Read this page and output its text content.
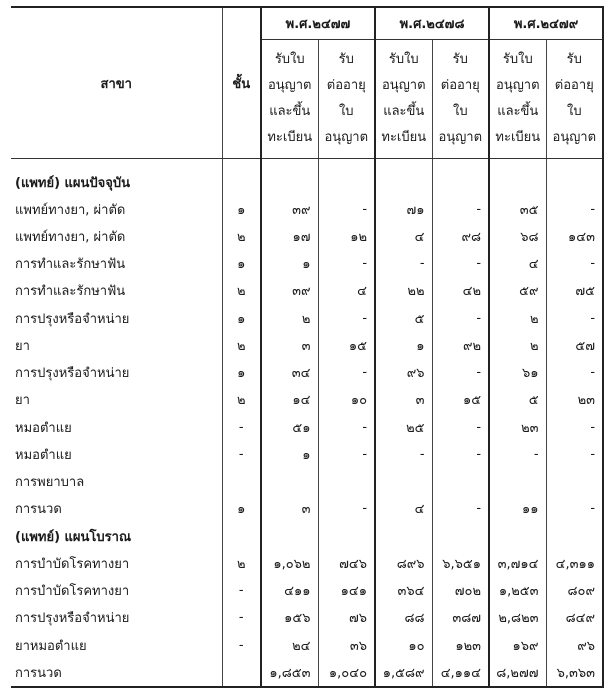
สาขา	ชั้น	พ.ศ.๒๔๗๗		พ.ศ.๒๔๗๘		พ.ศ.๒๔๗๙	
		รับใบ
อนุญาต
และขึ้น
ทะเบียน	รับ
ต่ออายุ
ใบ
อนุญาต	รับใบ
อนุญาต
และขึ้น
ทะเบียน	รับ
ต่ออายุ
ใบ
อนุญาต	รับใบ
อนุญาต
และขึ้น
ทะเบียน	รับ
ต่ออายุ
ใบ
อนุญาต

(แพทย์) แผนปัจจุบัน							
แพทย์ทางยา, ผ่าตัด	๑	๓๙	-	๗๑	-	๓๕	-
แพทย์ทางยา, ผ่าตัด	๒	๑๗	๑๒	๔	๙๘	๖๘	๑๔๓
การทำและรักษาฟัน	๑	๑	-	-	-	๔	-
การทำและรักษาฟัน	๒	๓๙	๔	๒๒	๔๒	๕๙	๗๕
การปรุงหรือจำหน่าย	๑	๒	-	๕	-	๒	-
ยา	๒	๓	๑๕	๑	๙๒	๒	๕๗
การปรุงหรือจำหน่าย	๑	๓๔	-	๙๖	-	๖๑	-
ยา	๒	๑๔	๑๐	๓	๑๕	๕	๒๓
หมอตำแย	-	๕๑	-	๒๕	-	๒๓	-
หมอตำแย	-	๑	-	-	-	-	-
การพยาบาล							
การนวด	๑	๓	-	๔	-	๑๑	-
(แพทย์) แผนโบราณ							
การบำบัดโรคทางยา	๒	๑,๐๖๒	๗๔๖	๘๙๖	๖,๖๕๑	๓,๗๑๔	๔,๓๑๑
การบำบัดโรคทางยา	-	๔๑๑	๑๔๑	๓๖๔	๗๐๒	๑,๒๕๓	๘๐๙
การปรุงหรือจำหน่าย	-	๑๕๖	๗๖	๘๘	๓๘๗	๒,๘๒๓	๘๔๙
ยาหมอตำแย	-	๒๔	๓๖	๑๐	๑๒๓	๑๖๙	๙๖
การนวด		๑,๘๕๓	๑,๐๔๐	๑,๕๘๙	๔,๑๑๔	๘,๒๗๗	๖,๓๖๓
